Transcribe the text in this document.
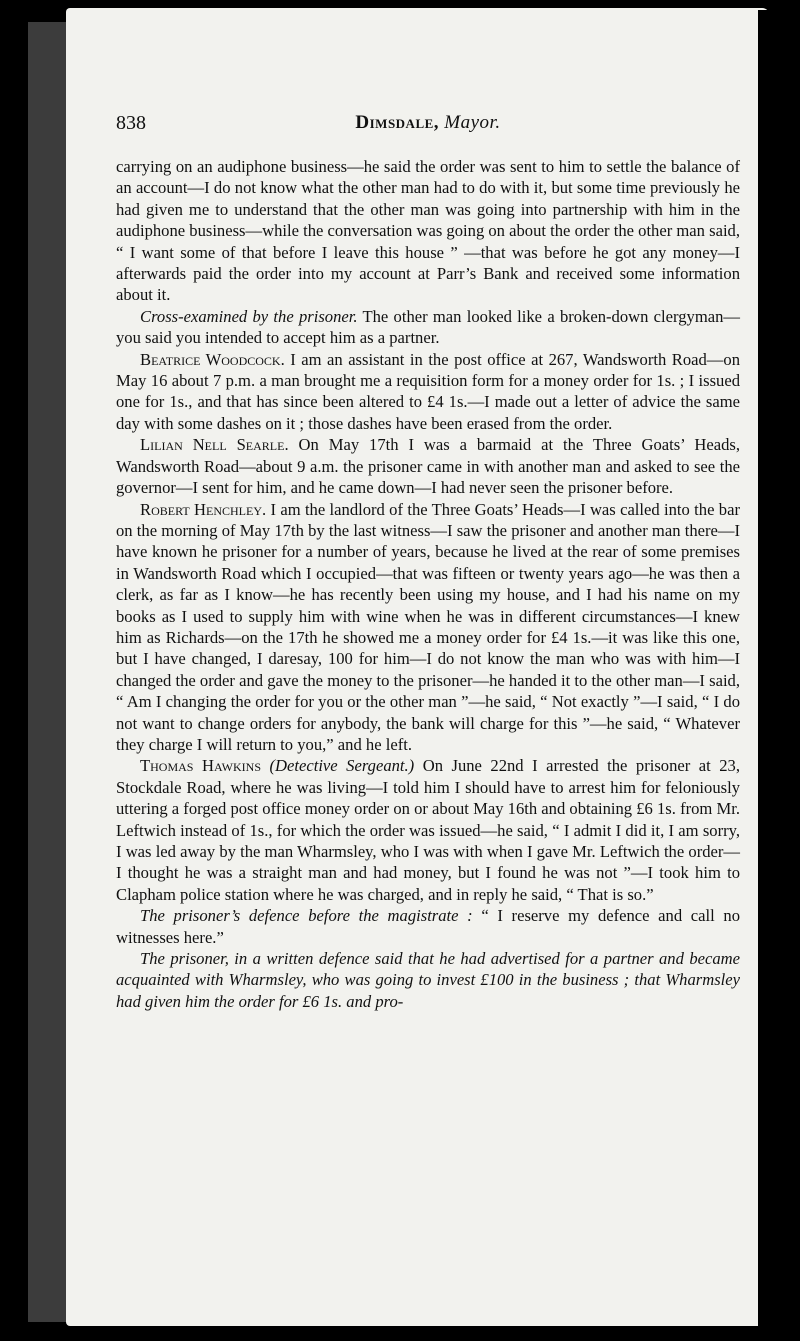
838	Dimsdale, Mayor.

carrying on an audiphone business—he said the order was sent to him to settle the balance of an account—I do not know what the other man had to do with it, but some time previously he had given me to understand that the other man was going into partnership with him in the audiphone business—while the conversation was going on about the order the other man said, “ I want some of that before I leave this house ” —that was before he got any money—I afterwards paid the order into my account at Parr’s Bank and received some information about it.

Cross-examined by the prisoner. The other man looked like a broken-down clergyman—you said you intended to accept him as a partner.

Beatrice Woodcock. I am an assistant in the post office at 267, Wandsworth Road—on May 16 about 7 p.m. a man brought me a requisition form for a money order for 1s. ; I issued one for 1s., and that has since been altered to £4 1s.—I made out a letter of advice the same day with some dashes on it ; those dashes have been erased from the order.

Lilian Nell Searle. On May 17th I was a barmaid at the Three Goats’ Heads, Wandsworth Road—about 9 a.m. the prisoner came in with another man and asked to see the governor—I sent for him, and he came down—I had never seen the prisoner before.

Robert Henchley. I am the landlord of the Three Goats’ Heads—I was called into the bar on the morning of May 17th by the last witness—I saw the prisoner and another man there—I have known he prisoner for a number of years, because he lived at the rear of some premises in Wandsworth Road which I occupied—that was fifteen or twenty years ago—he was then a clerk, as far as I know—he has recently been using my house, and I had his name on my books as I used to supply him with wine when he was in different circumstances—I knew him as Richards—on the 17th he showed me a money order for £4 1s.—it was like this one, but I have changed, I daresay, 100 for him—I do not know the man who was with him—I changed the order and gave the money to the prisoner—he handed it to the other man—I said, “ Am I changing the order for you or the other man ”—he said, “ Not exactly ”—I said, “ I do not want to change orders for anybody, the bank will charge for this ”—he said, “ Whatever they charge I will return to you,” and he left.

Thomas Hawkins (Detective Sergeant.) On June 22nd I arrested the prisoner at 23, Stockdale Road, where he was living—I told him I should have to arrest him for feloniously uttering a forged post office money order on or about May 16th and obtaining £6 1s. from Mr. Leftwich instead of 1s., for which the order was issued—he said, “ I admit I did it, I am sorry, I was led away by the man Wharmsley, who I was with when I gave Mr. Leftwich the order—I thought he was a straight man and had money, but I found he was not ”—I took him to Clapham police station where he was charged, and in reply he said, “ That is so.”

The prisoner’s defence before the magistrate : “ I reserve my defence and call no witnesses here.”

The prisoner, in a written defence said that he had advertised for a partner and became acquainted with Wharmsley, who was going to invest £100 in the business ; that Wharmsley had given him the order for £6 1s. and pro-
